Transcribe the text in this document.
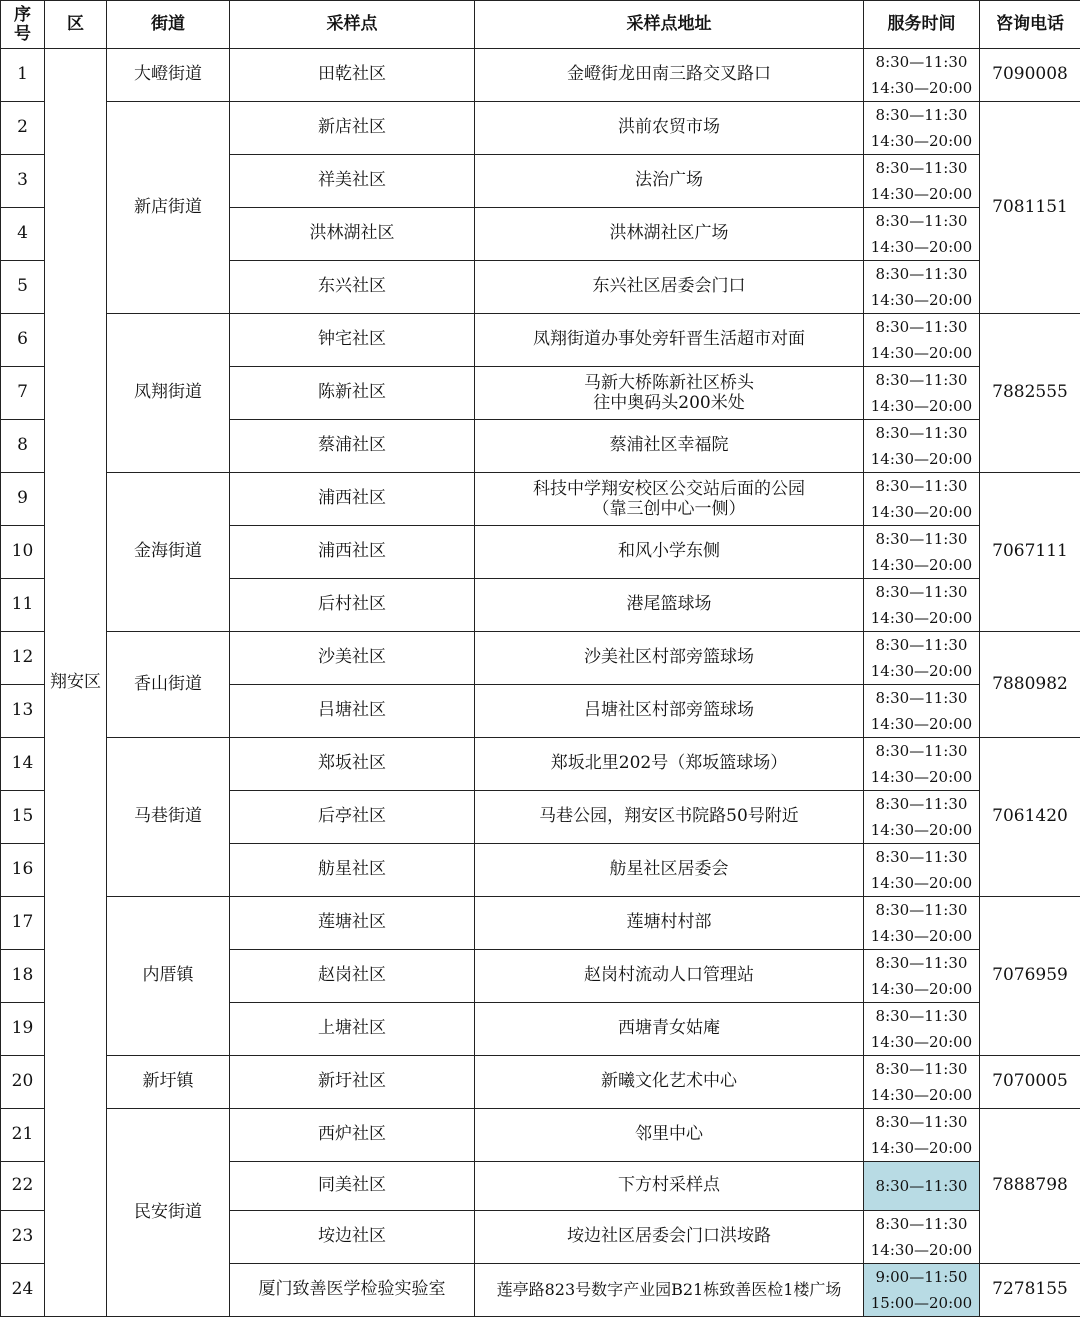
序号	区	街道	采样点	采样点地址	服务时间	咨询电话
1	翔安区	大嶝街道	田乾社区	金嶝街龙田南三路交叉路口	8:30—11:30
14:30—20:00	7090008
2		新店街道	新店社区	洪前农贸市场	8:30—11:30
14:30—20:00	7081151
3			祥美社区	法治广场	8:30—11:30
14:30—20:00	

4			洪林湖社区	洪林湖社区广场	8:30—11:30
14:30—20:00	

5			东兴社区	东兴社区居委会门口	8:30—11:30
14:30—20:00	

6		凤翔街道	钟宅社区	凤翔街道办事处旁轩晋生活超市对面	8:30—11:30
14:30—20:00	7882555
7			陈新社区	马新大桥陈新社区桥头
往中奥码头200米处	8:30—11:30
14:30—20:00	

8			蔡浦社区	蔡浦社区幸福院	8:30—11:30
14:30—20:00	

9		金海街道	浦西社区	科技中学翔安校区公交站后面的公园
（靠三创中心一侧）	8:30—11:30
14:30—20:00	7067111
10			浦西社区	和风小学东侧	8:30—11:30
14:30—20:00	

11			后村社区	港尾篮球场	8:30—11:30
14:30—20:00	

12		香山街道	沙美社区	沙美社区村部旁篮球场	8:30—11:30
14:30—20:00	7880982
13			吕塘社区	吕塘社区村部旁篮球场	8:30—11:30
14:30—20:00	

14		马巷街道	郑坂社区	郑坂北里202号（郑坂篮球场）	8:30—11:30
14:30—20:00	7061420
15			后亭社区	马巷公园，翔安区书院路50号附近	8:30—11:30
14:30—20:00	

16			舫星社区	舫星社区居委会	8:30—11:30
14:30—20:00	

17		内厝镇	莲塘社区	莲塘村村部	8:30—11:30
14:30—20:00	7076959
18			赵岗社区	赵岗村流动人口管理站	8:30—11:30
14:30—20:00	

19			上塘社区	西塘青女姑庵	8:30—11:30
14:30—20:00	

20		新圩镇	新圩社区	新曦文化艺术中心	8:30—11:30
14:30—20:00	7070005
21		民安街道	西炉社区	邻里中心	8:30—11:30
14:30—20:00	7888798
22			同美社区	下方村采样点	8:30—11:30	

23			垵边社区	垵边社区居委会门口洪垵路	8:30—11:30
14:30—20:00	

24			厦门致善医学检验实验室	莲亭路823号数字产业园B21栋致善医检1楼广场	9:00—11:50
15:00—20:00	7278155
